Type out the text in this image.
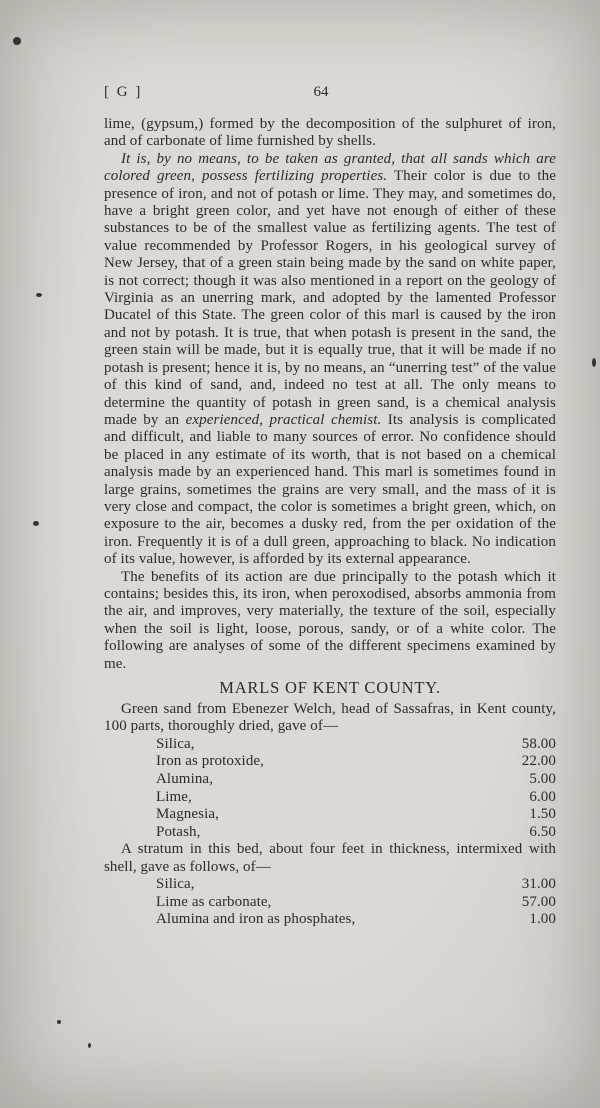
[ G ]	64

lime, (gypsum,) formed by the decomposition of the sulphuret of iron, and of carbonate of lime furnished by shells.

It is, by no means, to be taken as granted, that all sands which are colored green, possess fertilizing properties. Their color is due to the presence of iron, and not of potash or lime. They may, and sometimes do, have a bright green color, and yet have not enough of either of these substances to be of the smallest value as fertilizing agents. The test of value recommended by Professor Rogers, in his geological survey of New Jersey, that of a green stain being made by the sand on white paper, is not correct; though it was also mentioned in a report on the geology of Virginia as an unerring mark, and adopted by the lamented Professor Ducatel of this State. The green color of this marl is caused by the iron and not by potash. It is true, that when potash is present in the sand, the green stain will be made, but it is equally true, that it will be made if no potash is present; hence it is, by no means, an “unerring test” of the value of this kind of sand, and, indeed no test at all. The only means to determine the quantity of potash in green sand, is a chemical analysis made by an experienced, practical chemist. Its analysis is complicated and difficult, and liable to many sources of error. No confidence should be placed in any estimate of its worth, that is not based on a chemical analysis made by an experienced hand. This marl is sometimes found in large grains, sometimes the grains are very small, and the mass of it is very close and compact, the color is sometimes a bright green, which, on exposure to the air, becomes a dusky red, from the per oxidation of the iron. Frequently it is of a dull green, approaching to black. No indication of its value, however, is afforded by its external appearance.

The benefits of its action are due principally to the potash which it contains; besides this, its iron, when peroxodised, absorbs ammonia from the air, and improves, very materially, the texture of the soil, especially when the soil is light, loose, porous, sandy, or of a white color. The following are analyses of some of the different specimens examined by me.

MARLS OF KENT COUNTY.

Green sand from Ebenezer Welch, head of Sassafras, in Kent county, 100 parts, thoroughly dried, gave of—

Silica,	58.00
Iron as protoxide,	22.00
Alumina,	5.00
Lime,	6.00
Magnesia,	1.50
Potash,	6.50

A stratum in this bed, about four feet in thickness, intermixed with shell, gave as follows, of—

Silica,	31.00
Lime as carbonate,	57.00
Alumina and iron as phosphates,	1.00
